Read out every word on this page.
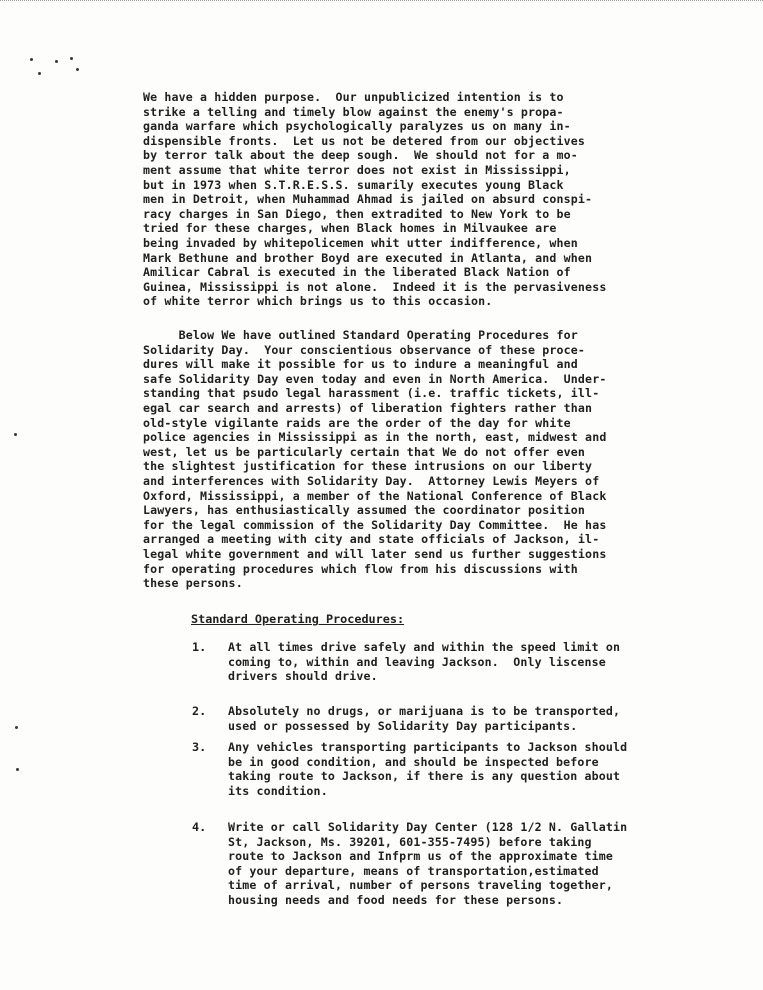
We have a hidden purpose.  Our unpublicized intention is to
strike a telling and timely blow against the enemy's propa-
ganda warfare which psychologically paralyzes us on many in-
dispensible fronts.  Let us not be detered from our objectives
by terror talk about the deep sough.  We should not for a mo-
ment assume that white terror does not exist in Mississippi,
but in 1973 when S.T.R.E.S.S. sumarily executes young Black
men in Detroit, when Muhammad Ahmad is jailed on absurd conspi-
racy charges in San Diego, then extradited to New York to be
tried for these charges, when Black homes in Milvaukee are
being invaded by whitepolicemen whit utter indifference, when
Mark Bethune and brother Boyd are executed in Atlanta, and when
Amilicar Cabral is executed in the liberated Black Nation of
Guinea, Mississippi is not alone.  Indeed it is the pervasiveness
of white terror which brings us to this occasion.
Below We have outlined Standard Operating Procedures for
Solidarity Day.  Your conscientious observance of these proce-
dures will make it possible for us to indure a meaningful and
safe Solidarity Day even today and even in North America.  Under-
standing that psudo legal harassment (i.e. traffic tickets, ill-
egal car search and arrests) of liberation fighters rather than
old-style vigilante raids are the order of the day for white
police agencies in Mississippi as in the north, east, midwest and
west, let us be particularly certain that We do not offer even
the slightest justification for these intrusions on our liberty
and interferences with Solidarity Day.  Attorney Lewis Meyers of
Oxford, Mississippi, a member of the National Conference of Black
Lawyers, has enthusiastically assumed the coordinator position
for the legal commission of the Solidarity Day Committee.  He has
arranged a meeting with city and state officials of Jackson, il-
legal white government and will later send us further suggestions
for operating procedures which flow from his discussions with
these persons.
Standard Operating Procedures:
1. At all times drive safely and within the speed limit on
coming to, within and leaving Jackson.  Only liscense
drivers should drive.
2. Absolutely no drugs, or marijuana is to be transported,
used or possessed by Solidarity Day participants.
3. Any vehicles transporting participants to Jackson should
be in good condition, and should be inspected before
taking route to Jackson, if there is any question about
its condition.
4. Write or call Solidarity Day Center (128 1/2 N. Gallatin
St, Jackson, Ms. 39201, 601-355-7495) before taking
route to Jackson and Infprm us of the approximate time
of your departure, means of transportation,estimated
time of arrival, number of persons traveling together,
housing needs and food needs for these persons.
